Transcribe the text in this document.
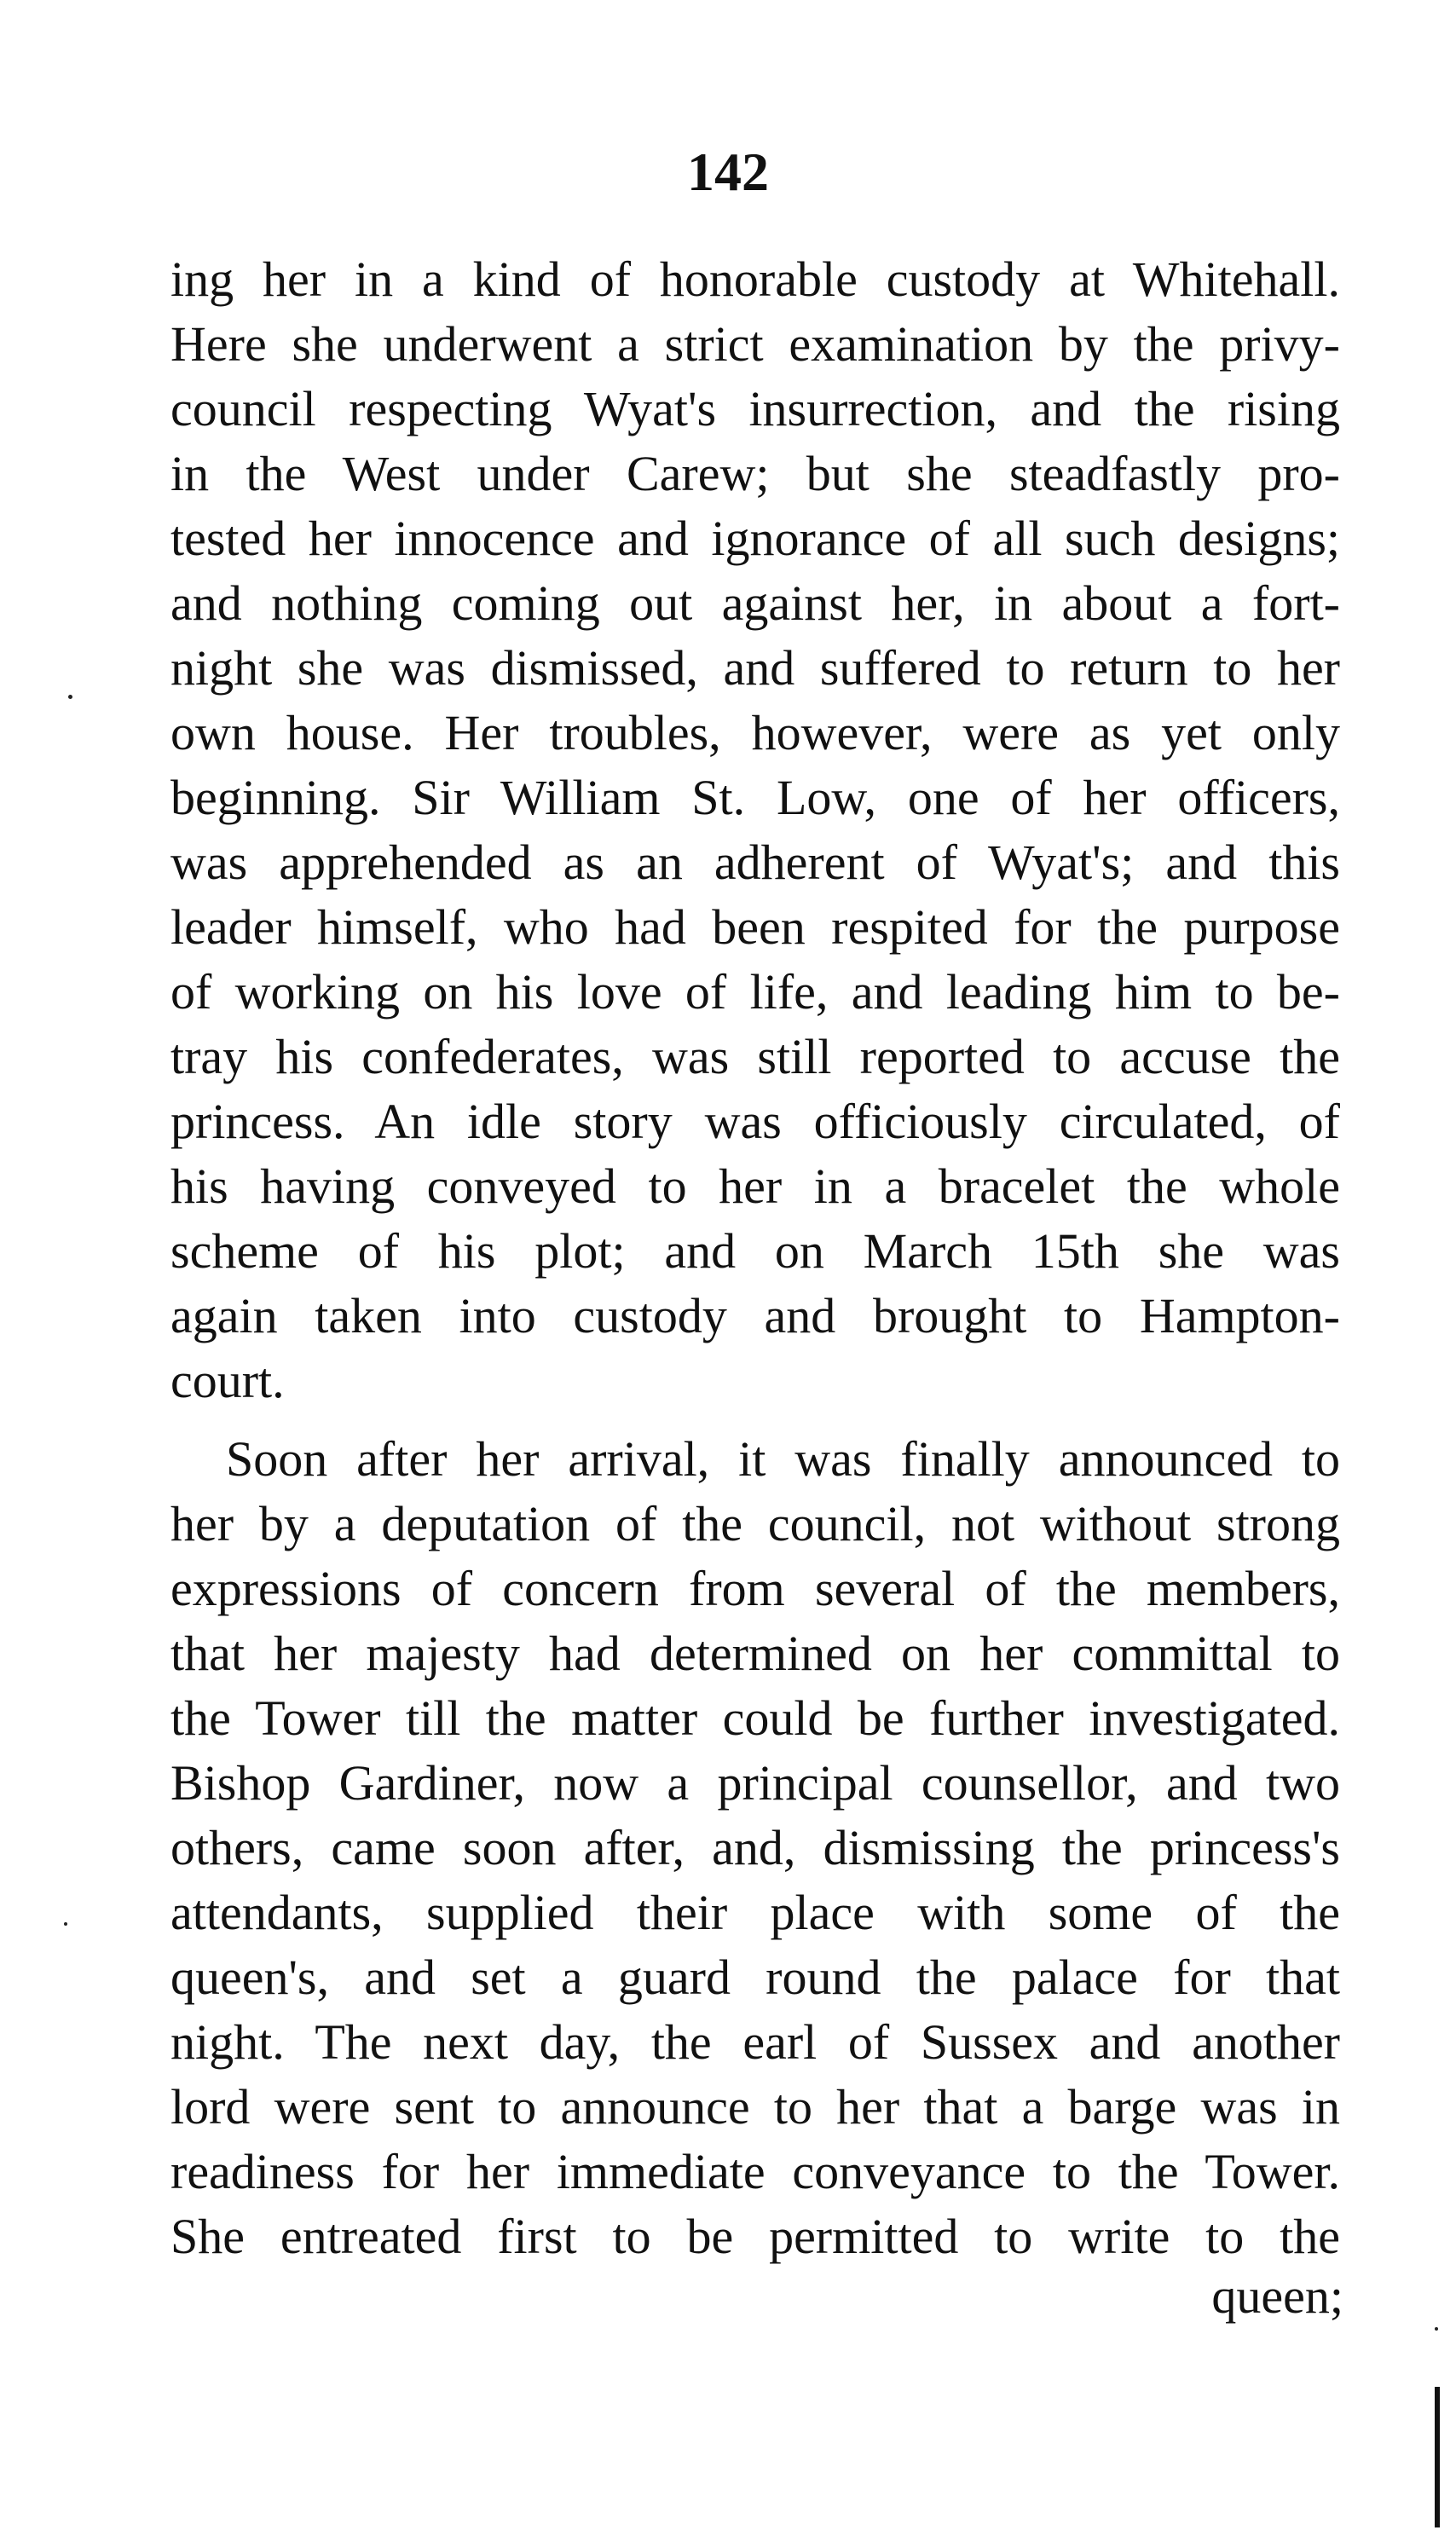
142
ing her in a kind of honorable custody at Whitehall.
Here she underwent a strict examination by the privy-
council respecting Wyat's insurrection, and the rising
in the West under Carew; but she steadfastly pro-
tested her innocence and ignorance of all such designs;
and nothing coming out against her, in about a fort-
night she was dismissed, and suffered to return to her
own house. Her troubles, however, were as yet only
beginning. Sir William St. Low, one of her officers,
was apprehended as an adherent of Wyat's; and this
leader himself, who had been respited for the purpose
of working on his love of life, and leading him to be-
tray his confederates, was still reported to accuse the
princess. An idle story was officiously circulated, of
his having conveyed to her in a bracelet the whole
scheme of his plot; and on March 15th she was
again taken into custody and brought to Hampton-
court.
Soon after her arrival, it was finally announced to
her by a deputation of the council, not without strong
expressions of concern from several of the members,
that her majesty had determined on her committal to
the Tower till the matter could be further investigated.
Bishop Gardiner, now a principal counsellor, and two
others, came soon after, and, dismissing the princess's
attendants, supplied their place with some of the
queen's, and set a guard round the palace for that
night. The next day, the earl of Sussex and another
lord were sent to announce to her that a barge was in
readiness for her immediate conveyance to the Tower.
She entreated first to be permitted to write to the
queen;
